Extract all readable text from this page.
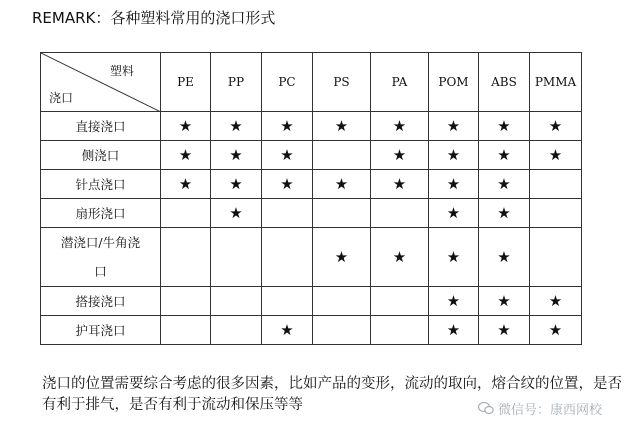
REMARK：各种塑料常用的浇口形式
塑料
浇口	PE	PP	PC	PS	PA	POM	ABS	PMMA
直接浇口	★	★	★	★	★	★	★	★
侧浇口	★	★	★		★	★	★	★
针点浇口	★	★	★	★	★	★	★	
扇形浇口		★				★	★	

潜浇口/牛角浇
口				★	★	★	★	
搭接浇口						★	★	★
护耳浇口			★			★	★	★
浇口的位置需要综合考虑的很多因素，比如产品的变形，流动的取向，熔合纹的位置，是否有利于排气，是否有利于流动和保压等等	微信号：康西网校
